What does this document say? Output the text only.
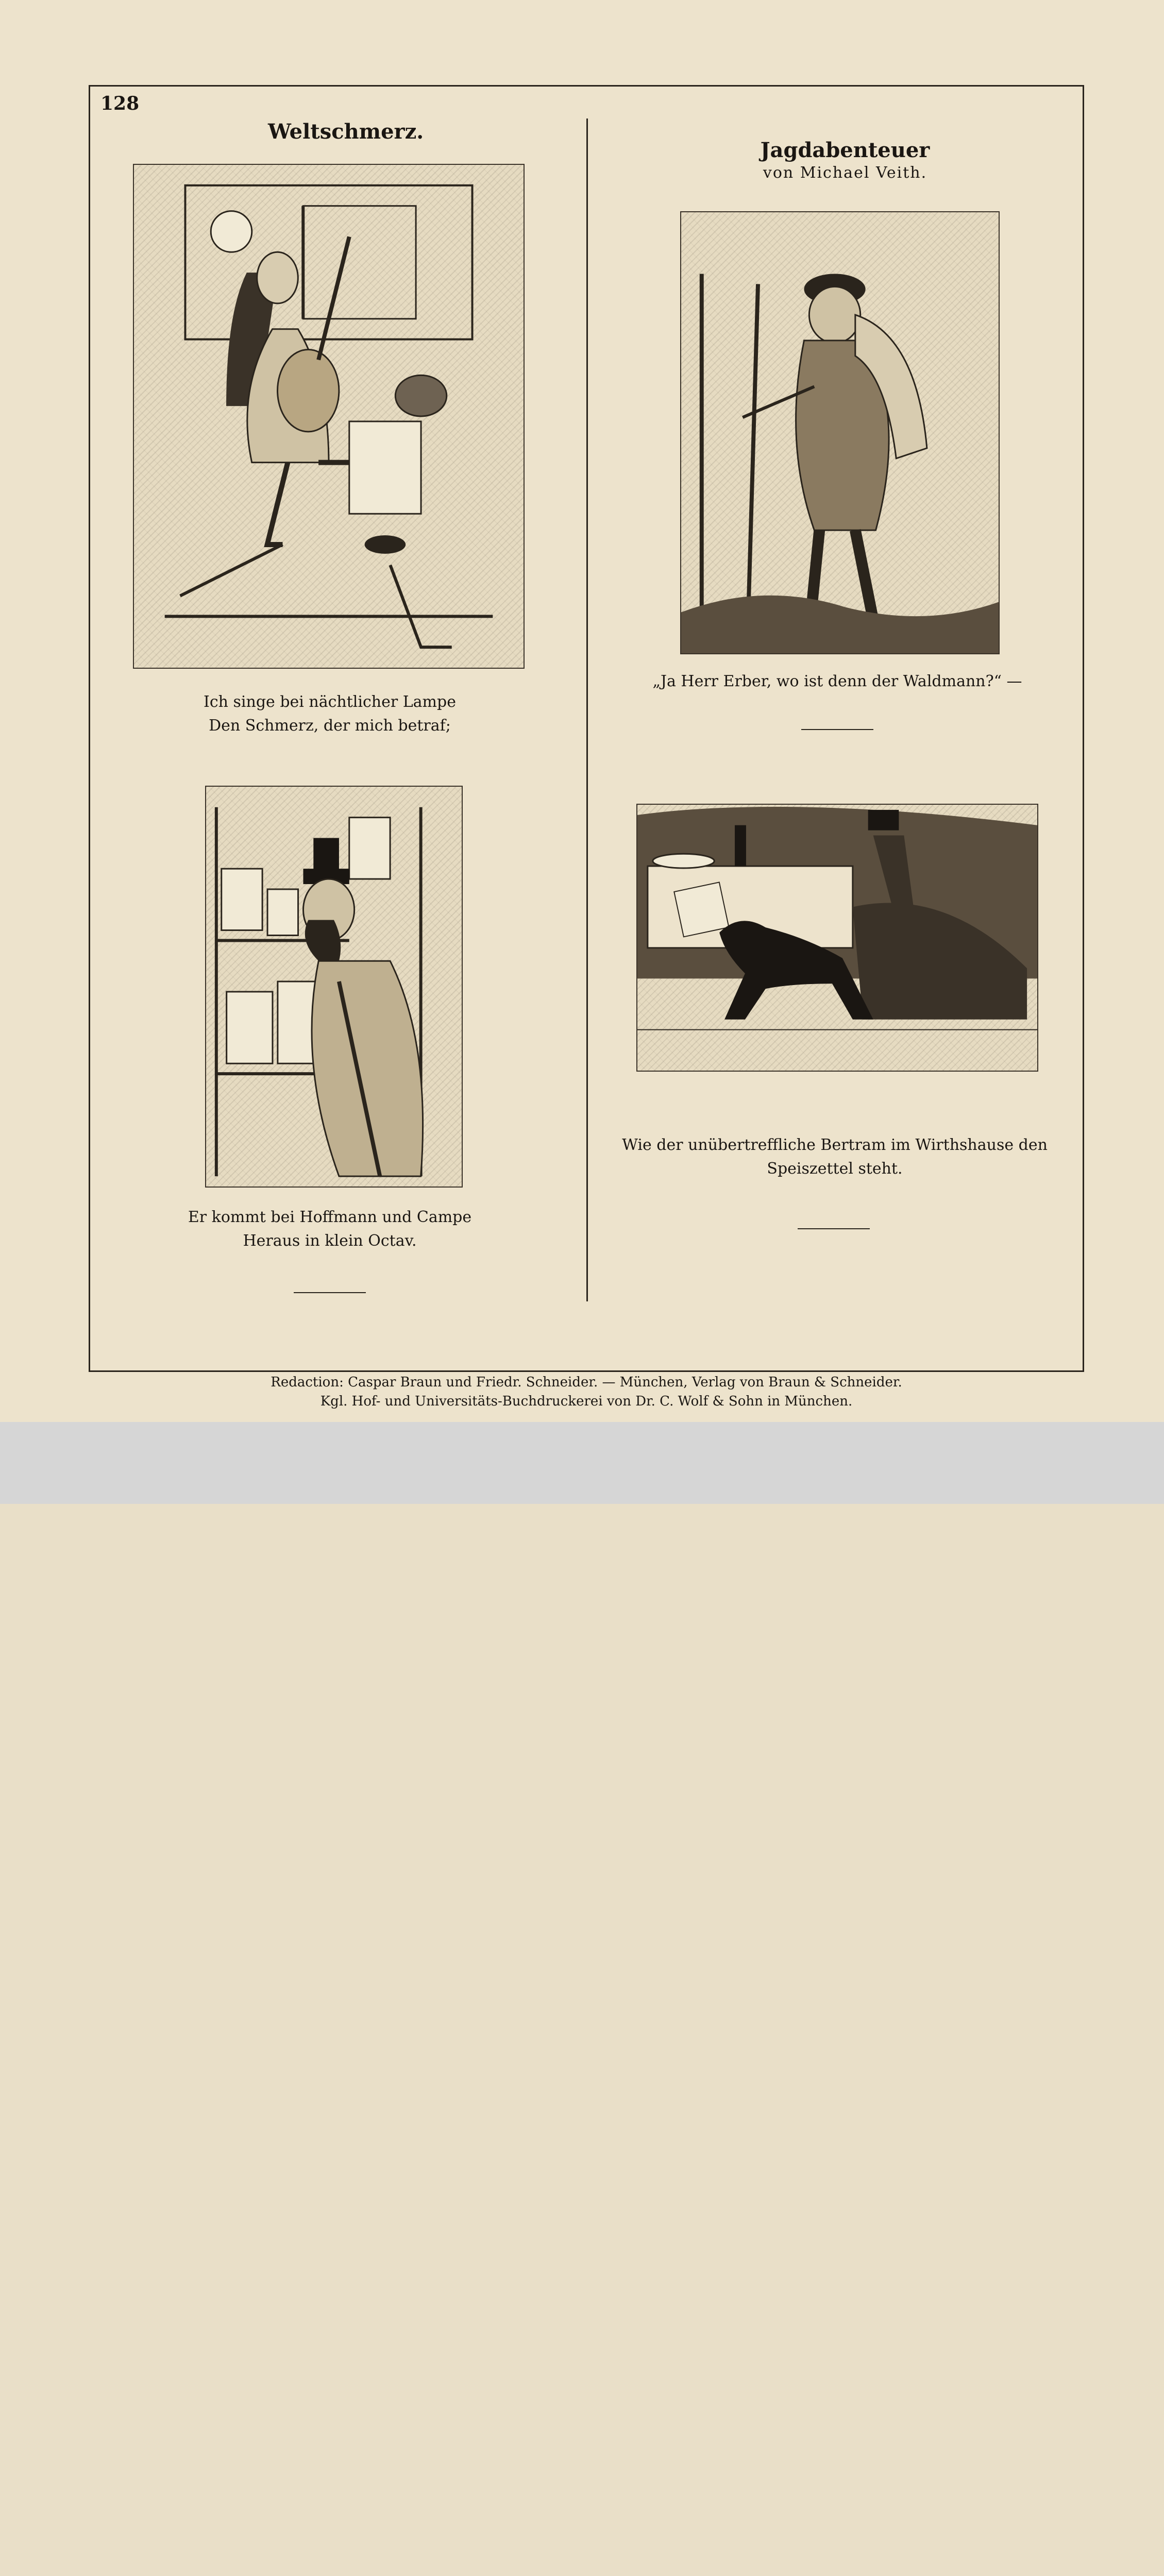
128
Weltschmerz.
Jagdabenteuer
von Michael Veith.
Ich singe bei nächtlicher Lampe
Den Schmerz, der mich betraf;
„Ja Herr Erber, wo ist denn der Waldmann?“ —
Er kommt bei Hoffmann und Campe
Heraus in klein Octav.
Wie der unübertreffliche Bertram im Wirthshause den
Speiszettel steht.
Redaction: Caspar Braun und Friedr. Schneider. — München, Verlag von Braun & Schneider.
Kgl. Hof- und Universitäts-Buchdruckerei von Dr. C. Wolf & Sohn in München.
